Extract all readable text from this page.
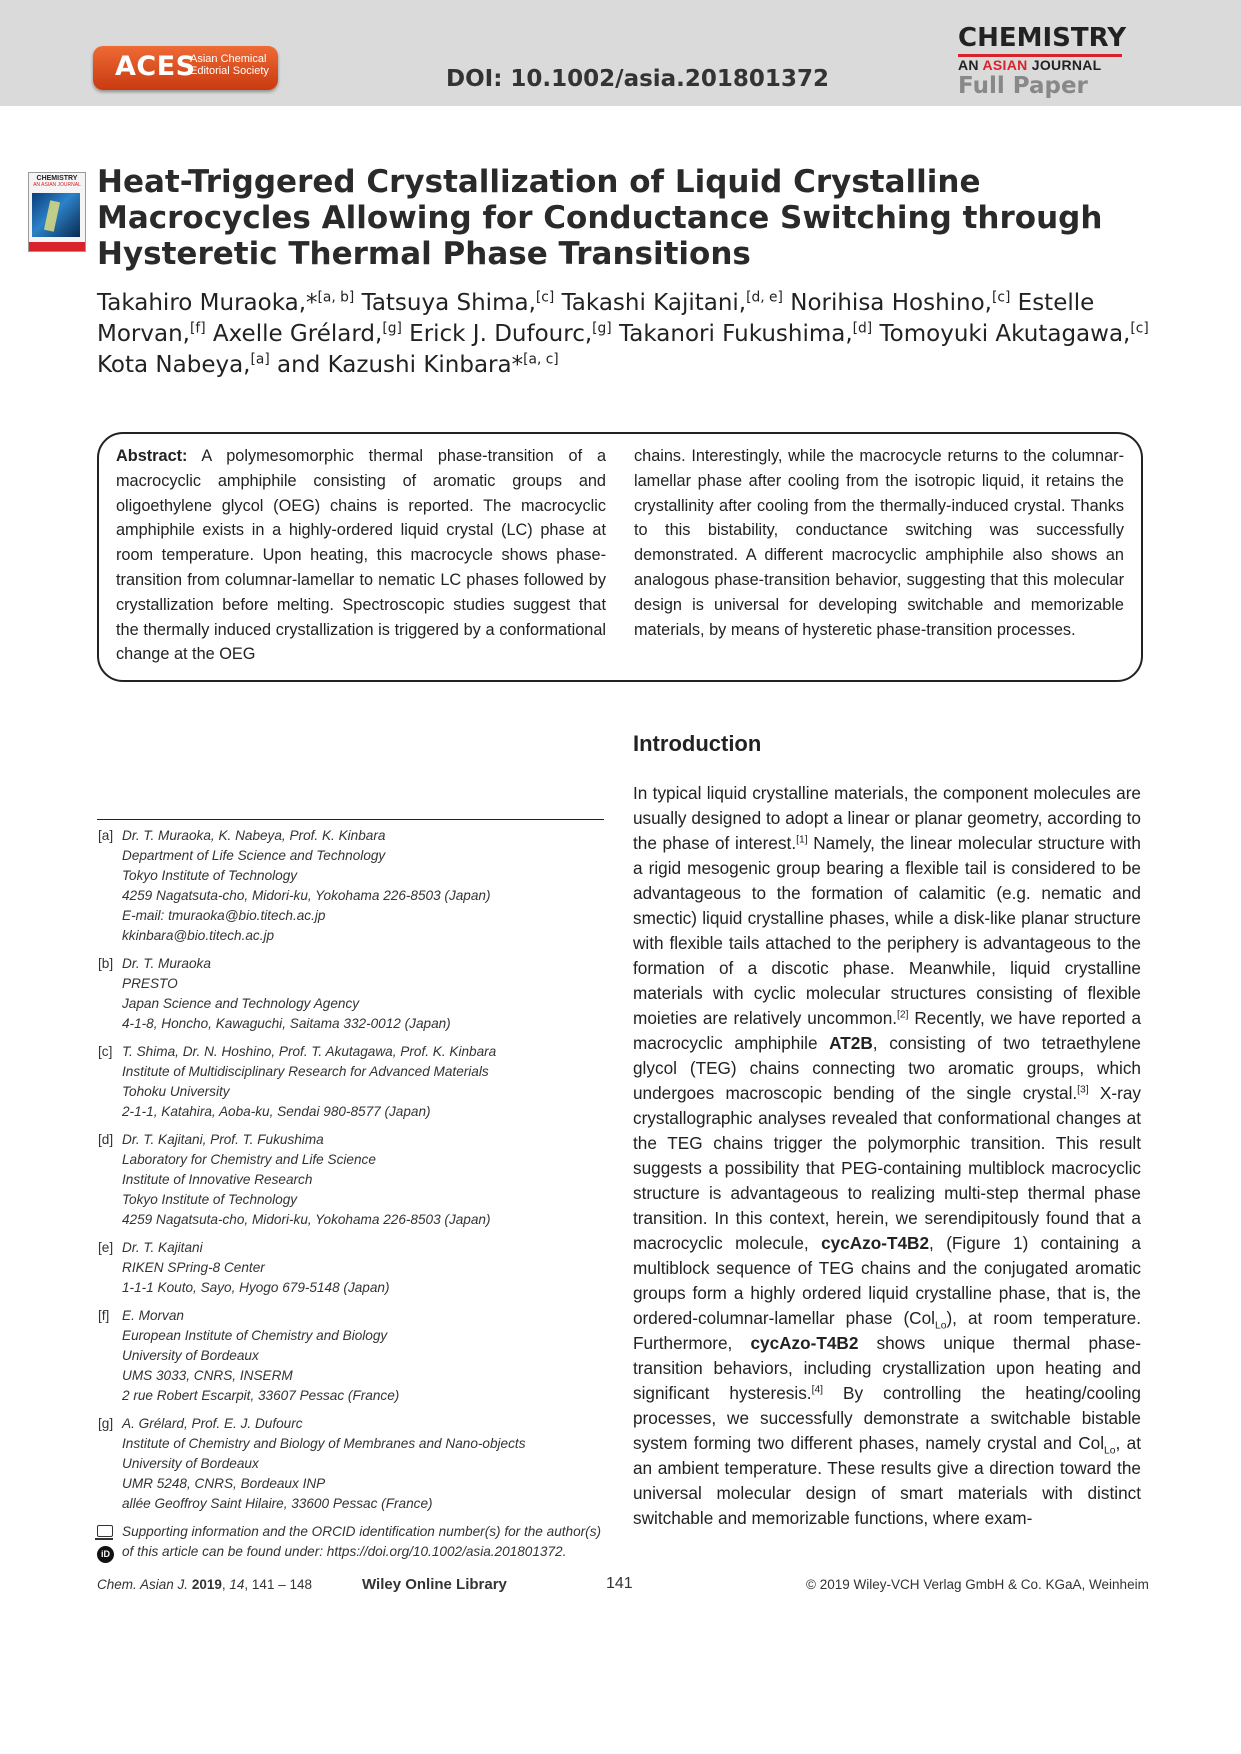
ACES
Asian Chemical
Editorial Society	DOI: 10.1002/asia.201801372
CHEMISTRY
AN ASIAN JOURNAL
Full Paper
CHEMISTRY
AN ASIAN JOURNAL Heat-Triggered Crystallization of Liquid Crystalline Macrocycles Allowing for Conductance Switching through Hysteretic Thermal Phase Transitions
Takahiro Muraoka,*[a, b] Tatsuya Shima,[c] Takashi Kajitani,[d, e] Norihisa Hoshino,[c] Estelle Morvan,[f] Axelle Grélard,[g] Erick J. Dufourc,[g] Takanori Fukushima,[d] Tomoyuki Akutagawa,[c] Kota Nabeya,[a] and Kazushi Kinbara*[a, c]
Abstract: A polymesomorphic thermal phase-transition of a macrocyclic amphiphile consisting of aromatic groups and oligoethylene glycol (OEG) chains is reported. The macrocyclic amphiphile exists in a highly-ordered liquid crystal (LC) phase at room temperature. Upon heating, this macrocycle shows phase-transition from columnar-lamellar to nematic LC phases followed by crystallization before melting. Spectroscopic studies suggest that the thermally induced crystallization is triggered by a conformational change at the OEG
chains. Interestingly, while the macrocycle returns to the columnar-lamellar phase after cooling from the isotropic liquid, it retains the crystallinity after cooling from the thermally-induced crystal. Thanks to this bistability, conductance switching was successfully demonstrated. A different macrocyclic amphiphile also shows an analogous phase-transition behavior, suggesting that this molecular design is universal for developing switchable and memorizable materials, by means of hysteretic phase-transition processes.
Introduction
In typical liquid crystalline materials, the component molecules are usually designed to adopt a linear or planar geometry, according to the phase of interest.[1] Namely, the linear molecular structure with a rigid mesogenic group bearing a flexible tail is considered to be advantageous to the formation of calamitic (e.g. nematic and smectic) liquid crystalline phases, while a disk-like planar structure with flexible tails attached to the periphery is advantageous to the formation of a discotic phase. Meanwhile, liquid crystalline materials with cyclic molecular structures consisting of flexible moieties are relatively uncommon.[2] Recently, we have reported a macrocyclic amphiphile AT2B, consisting of two tetraethylene glycol (TEG) chains connecting two aromatic groups, which undergoes macroscopic bending of the single crystal.[3] X-ray crystallographic analyses revealed that conformational changes at the TEG chains trigger the polymorphic transition. This result suggests a possibility that PEG-containing multiblock macrocyclic structure is advantageous to realizing multi-step thermal phase transition. In this context, herein, we serendipitously found that a macrocyclic molecule, cycAzo-T4B2, (Figure 1) containing a multiblock sequence of TEG chains and the conjugated aromatic groups form a highly ordered liquid crystalline phase, that is, the ordered-columnar-lamellar phase (Col$_{Lo}$), at room temperature. Furthermore, cycAzo-T4B2 shows unique thermal phase-transition behaviors, including crystallization upon heating and significant hysteresis.[4] By controlling the heating/cooling processes, we successfully demonstrate a switchable bistable system forming two different phases, namely crystal and Col$_{Lo}$, at an ambient temperature. These results give a direction toward the universal molecular design of smart materials with distinct switchable and memorizable functions, where exam-
[a] Dr. T. Muraoka, K. Nabeya, Prof. K. Kinbara
Department of Life Science and Technology
Tokyo Institute of Technology
4259 Nagatsuta-cho, Midori-ku, Yokohama 226-8503 (Japan)
E-mail: tmuraoka@bio.titech.ac.jp
kkinbara@bio.titech.ac.jp
[b] Dr. T. Muraoka
PRESTO
Japan Science and Technology Agency
4-1-8, Honcho, Kawaguchi, Saitama 332-0012 (Japan)
[c] T. Shima, Dr. N. Hoshino, Prof. T. Akutagawa, Prof. K. Kinbara
Institute of Multidisciplinary Research for Advanced Materials
Tohoku University
2-1-1, Katahira, Aoba-ku, Sendai 980-8577 (Japan)
[d] Dr. T. Kajitani, Prof. T. Fukushima
Laboratory for Chemistry and Life Science
Institute of Innovative Research
Tokyo Institute of Technology
4259 Nagatsuta-cho, Midori-ku, Yokohama 226-8503 (Japan)
[e] Dr. T. Kajitani
RIKEN SPring-8 Center
1-1-1 Kouto, Sayo, Hyogo 679-5148 (Japan)
[f] E. Morvan
European Institute of Chemistry and Biology
University of Bordeaux
UMS 3033, CNRS, INSERM
2 rue Robert Escarpit, 33607 Pessac (France)
[g] A. Grélard, Prof. E. J. Dufourc
Institute of Chemistry and Biology of Membranes and Nano-objects
University of Bordeaux
UMR 5248, CNRS, Bordeaux INP
allée Geoffroy Saint Hilaire, 33600 Pessac (France)
iD
Supporting information and the ORCID identification number(s) for the author(s) of this article can be found under: https://doi.org/10.1002/asia.201801372.
Chem. Asian J. 2019, 14, 141 – 148	Wiley Online Library	141	© 2019 Wiley-VCH Verlag GmbH & Co. KGaA, Weinheim
